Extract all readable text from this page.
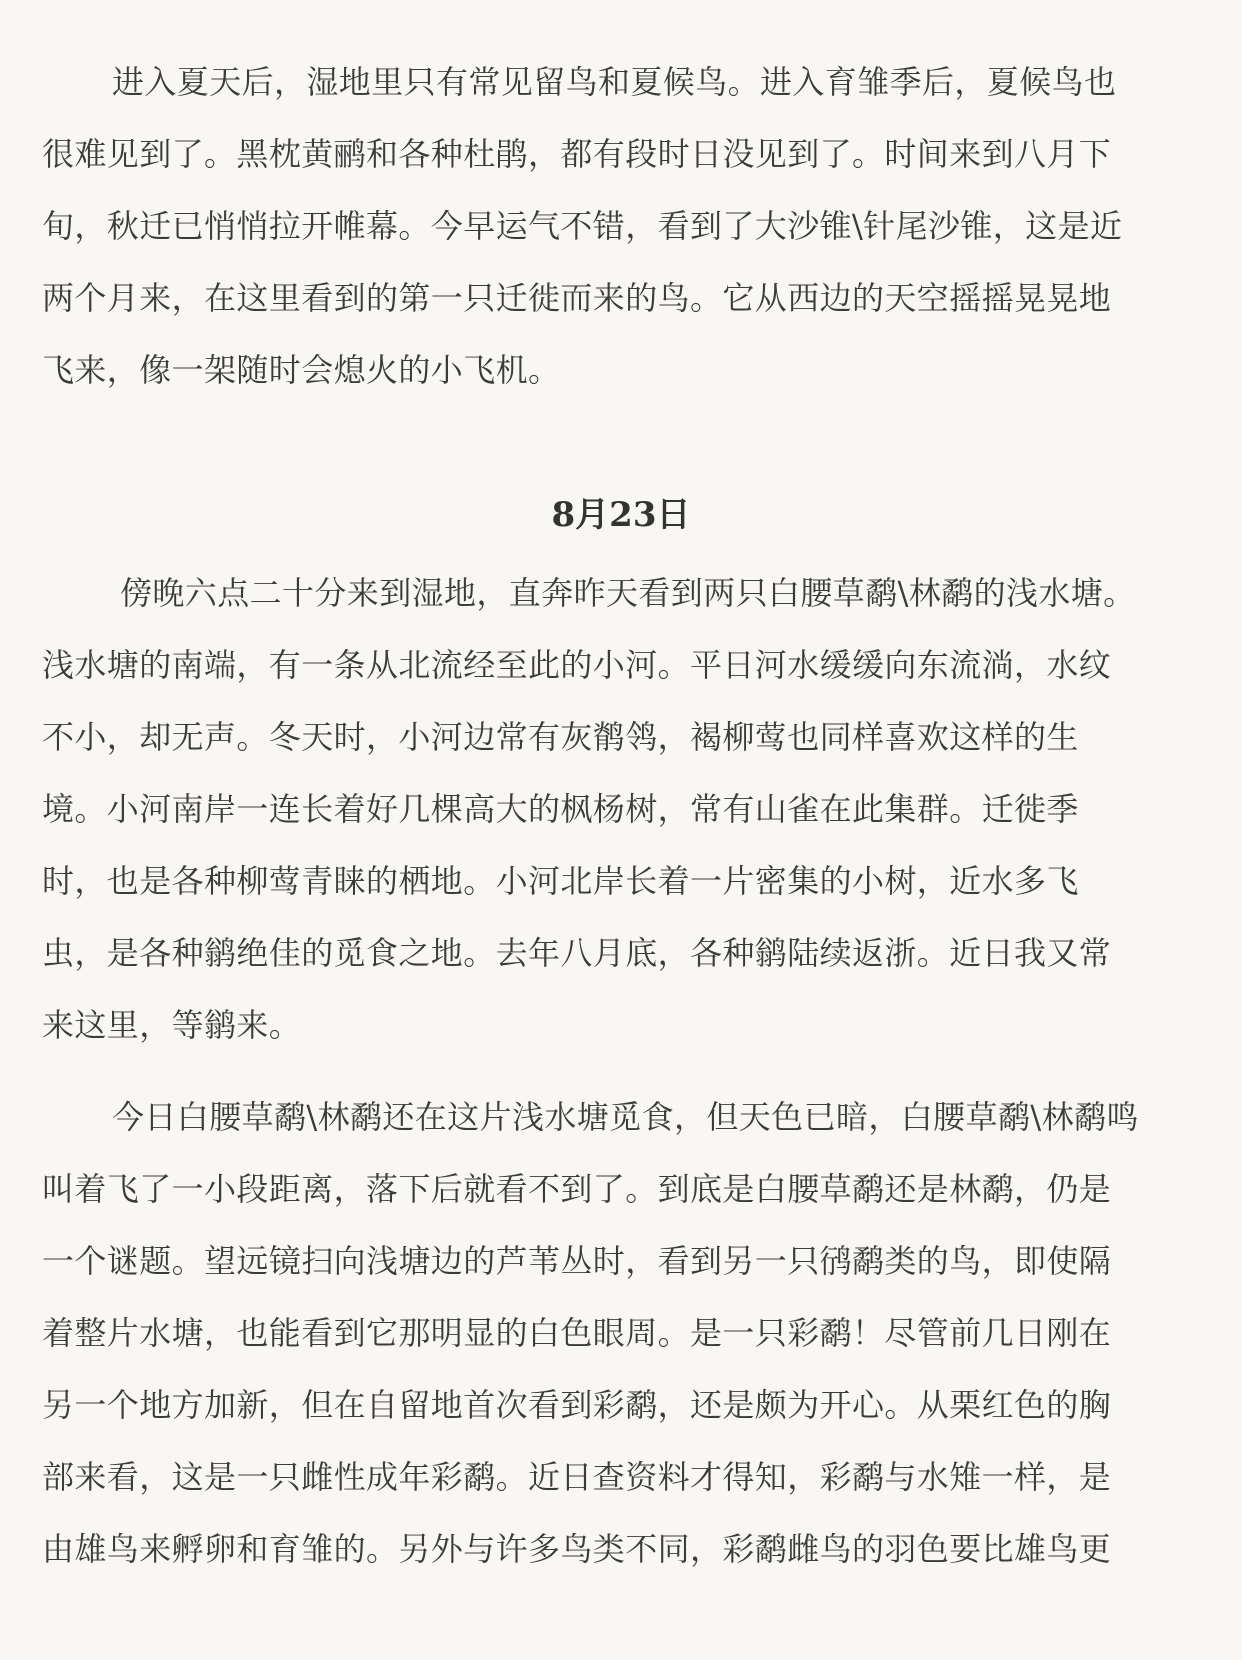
进入夏天后，湿地里只有常见留鸟和夏候鸟。进入育雏季后，夏候鸟也
很难见到了。黑枕黄鹂和各种杜鹃，都有段时日没见到了。时间来到八月下
旬，秋迁已悄悄拉开帷幕。今早运气不错，看到了大沙锥\针尾沙锥，这是近
两个月来，在这里看到的第一只迁徙而来的鸟。它从西边的天空摇摇晃晃地
飞来，像一架随时会熄火的小飞机。
8月23日
傍晚六点二十分来到湿地，直奔昨天看到两只白腰草鹬\林鹬的浅水塘。
浅水塘的南端，有一条从北流经至此的小河。平日河水缓缓向东流淌，水纹
不小，却无声。冬天时，小河边常有灰鹡鸰，褐柳莺也同样喜欢这样的生
境。小河南岸一连长着好几棵高大的枫杨树，常有山雀在此集群。迁徙季
时，也是各种柳莺青睐的栖地。小河北岸长着一片密集的小树，近水多飞
虫，是各种鹟绝佳的觅食之地。去年八月底，各种鹟陆续返浙。近日我又常
来这里，等鹟来。
今日白腰草鹬\林鹬还在这片浅水塘觅食，但天色已暗，白腰草鹬\林鹬鸣
叫着飞了一小段距离，落下后就看不到了。到底是白腰草鹬还是林鹬，仍是
一个谜题。望远镜扫向浅塘边的芦苇丛时，看到另一只鸻鹬类的鸟，即使隔
着整片水塘，也能看到它那明显的白色眼周。是一只彩鹬！尽管前几日刚在
另一个地方加新，但在自留地首次看到彩鹬，还是颇为开心。从栗红色的胸
部来看，这是一只雌性成年彩鹬。近日查资料才得知，彩鹬与水雉一样，是
由雄鸟来孵卵和育雏的。另外与许多鸟类不同，彩鹬雌鸟的羽色要比雄鸟更
